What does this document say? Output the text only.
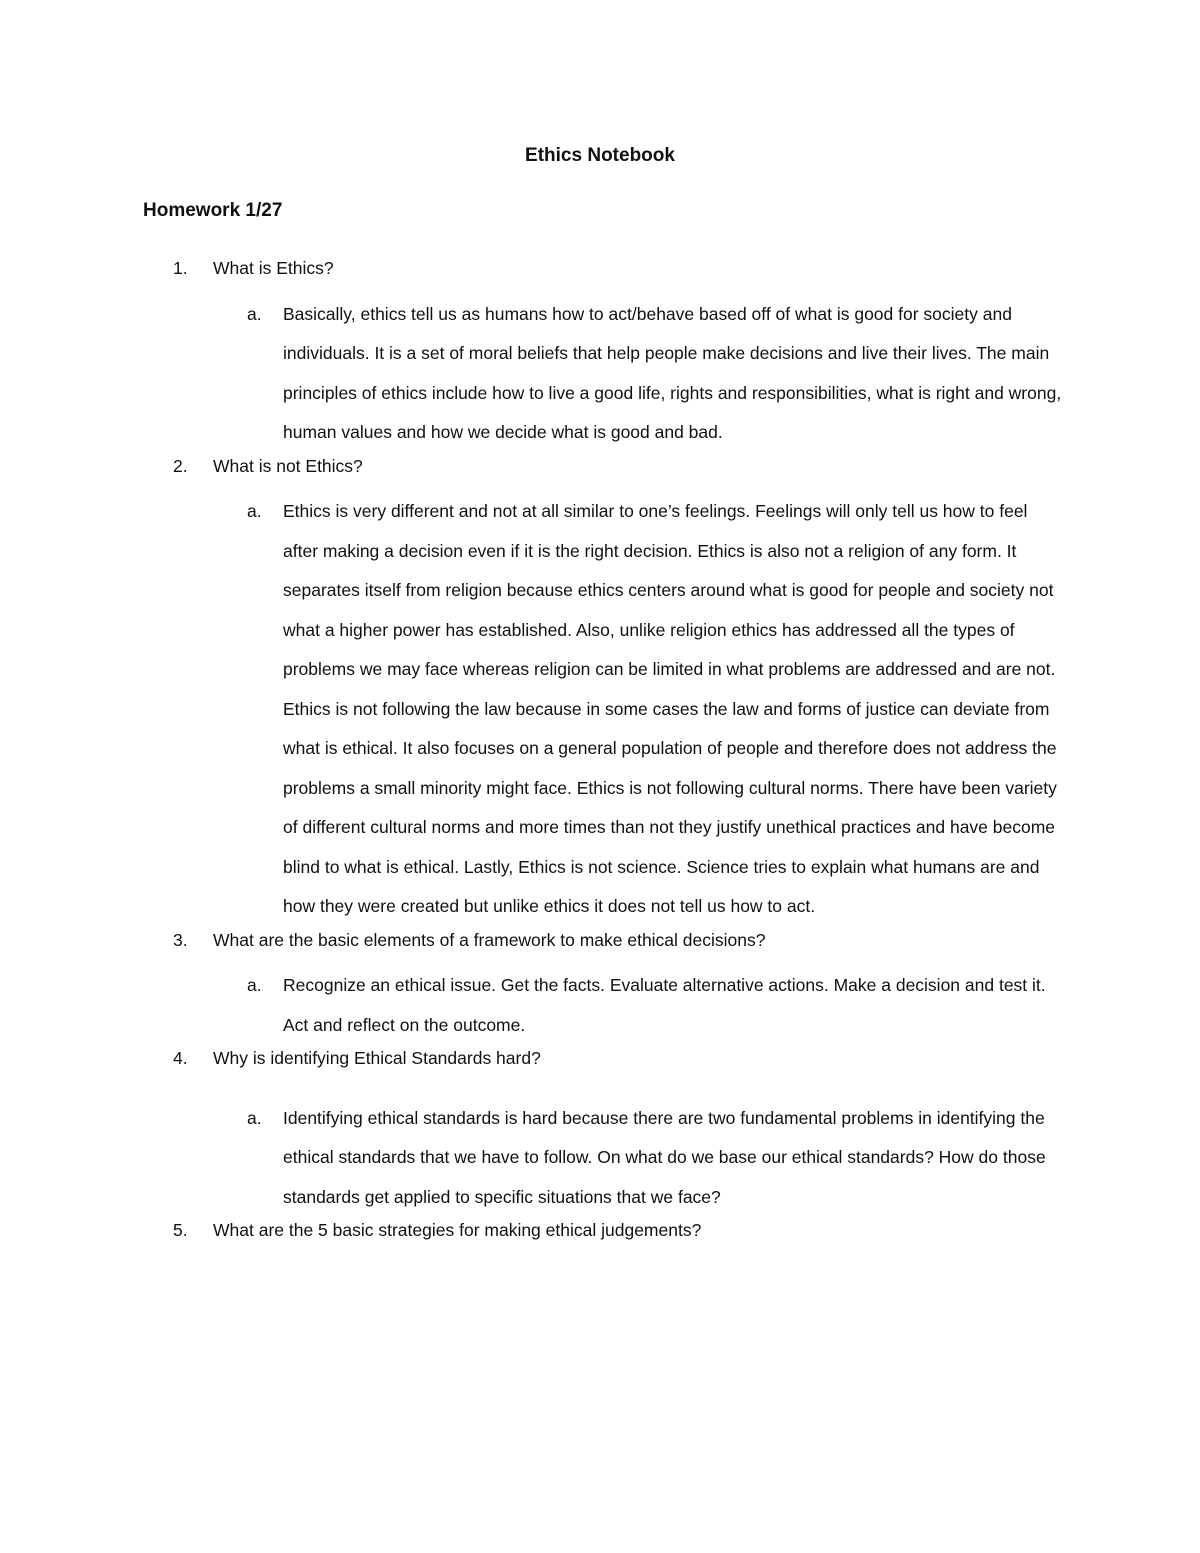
Ethics Notebook
Homework 1/27
1. What is Ethics?
a. Basically, ethics tell us as humans how to act/behave based off of what is good for society and individuals. It is a set of moral beliefs that help people make decisions and live their lives. The main principles of ethics include how to live a good life, rights and responsibilities, what is right and wrong, human values and how we decide what is good and bad.
2. What is not Ethics?
a. Ethics is very different and not at all similar to one’s feelings. Feelings will only tell us how to feel after making a decision even if it is the right decision. Ethics is also not a religion of any form. It separates itself from religion because ethics centers around what is good for people and society not what a higher power has established. Also, unlike religion ethics has addressed all the types of problems we may face whereas religion can be limited in what problems are addressed and are not. Ethics is not following the law because in some cases the law and forms of justice can deviate from what is ethical. It also focuses on a general population of people and therefore does not address the problems a small minority might face. Ethics is not following cultural norms. There have been variety of different cultural norms and more times than not they justify unethical practices and have become blind to what is ethical. Lastly, Ethics is not science. Science tries to explain what humans are and how they were created but unlike ethics it does not tell us how to act.
3. What are the basic elements of a framework to make ethical decisions?
a. Recognize an ethical issue. Get the facts. Evaluate alternative actions. Make a decision and test it. Act and reflect on the outcome.
4. Why is identifying Ethical Standards hard?
a. Identifying ethical standards is hard because there are two fundamental problems in identifying the ethical standards that we have to follow. On what do we base our ethical standards? How do those standards get applied to specific situations that we face?
5. What are the 5 basic strategies for making ethical judgements?
